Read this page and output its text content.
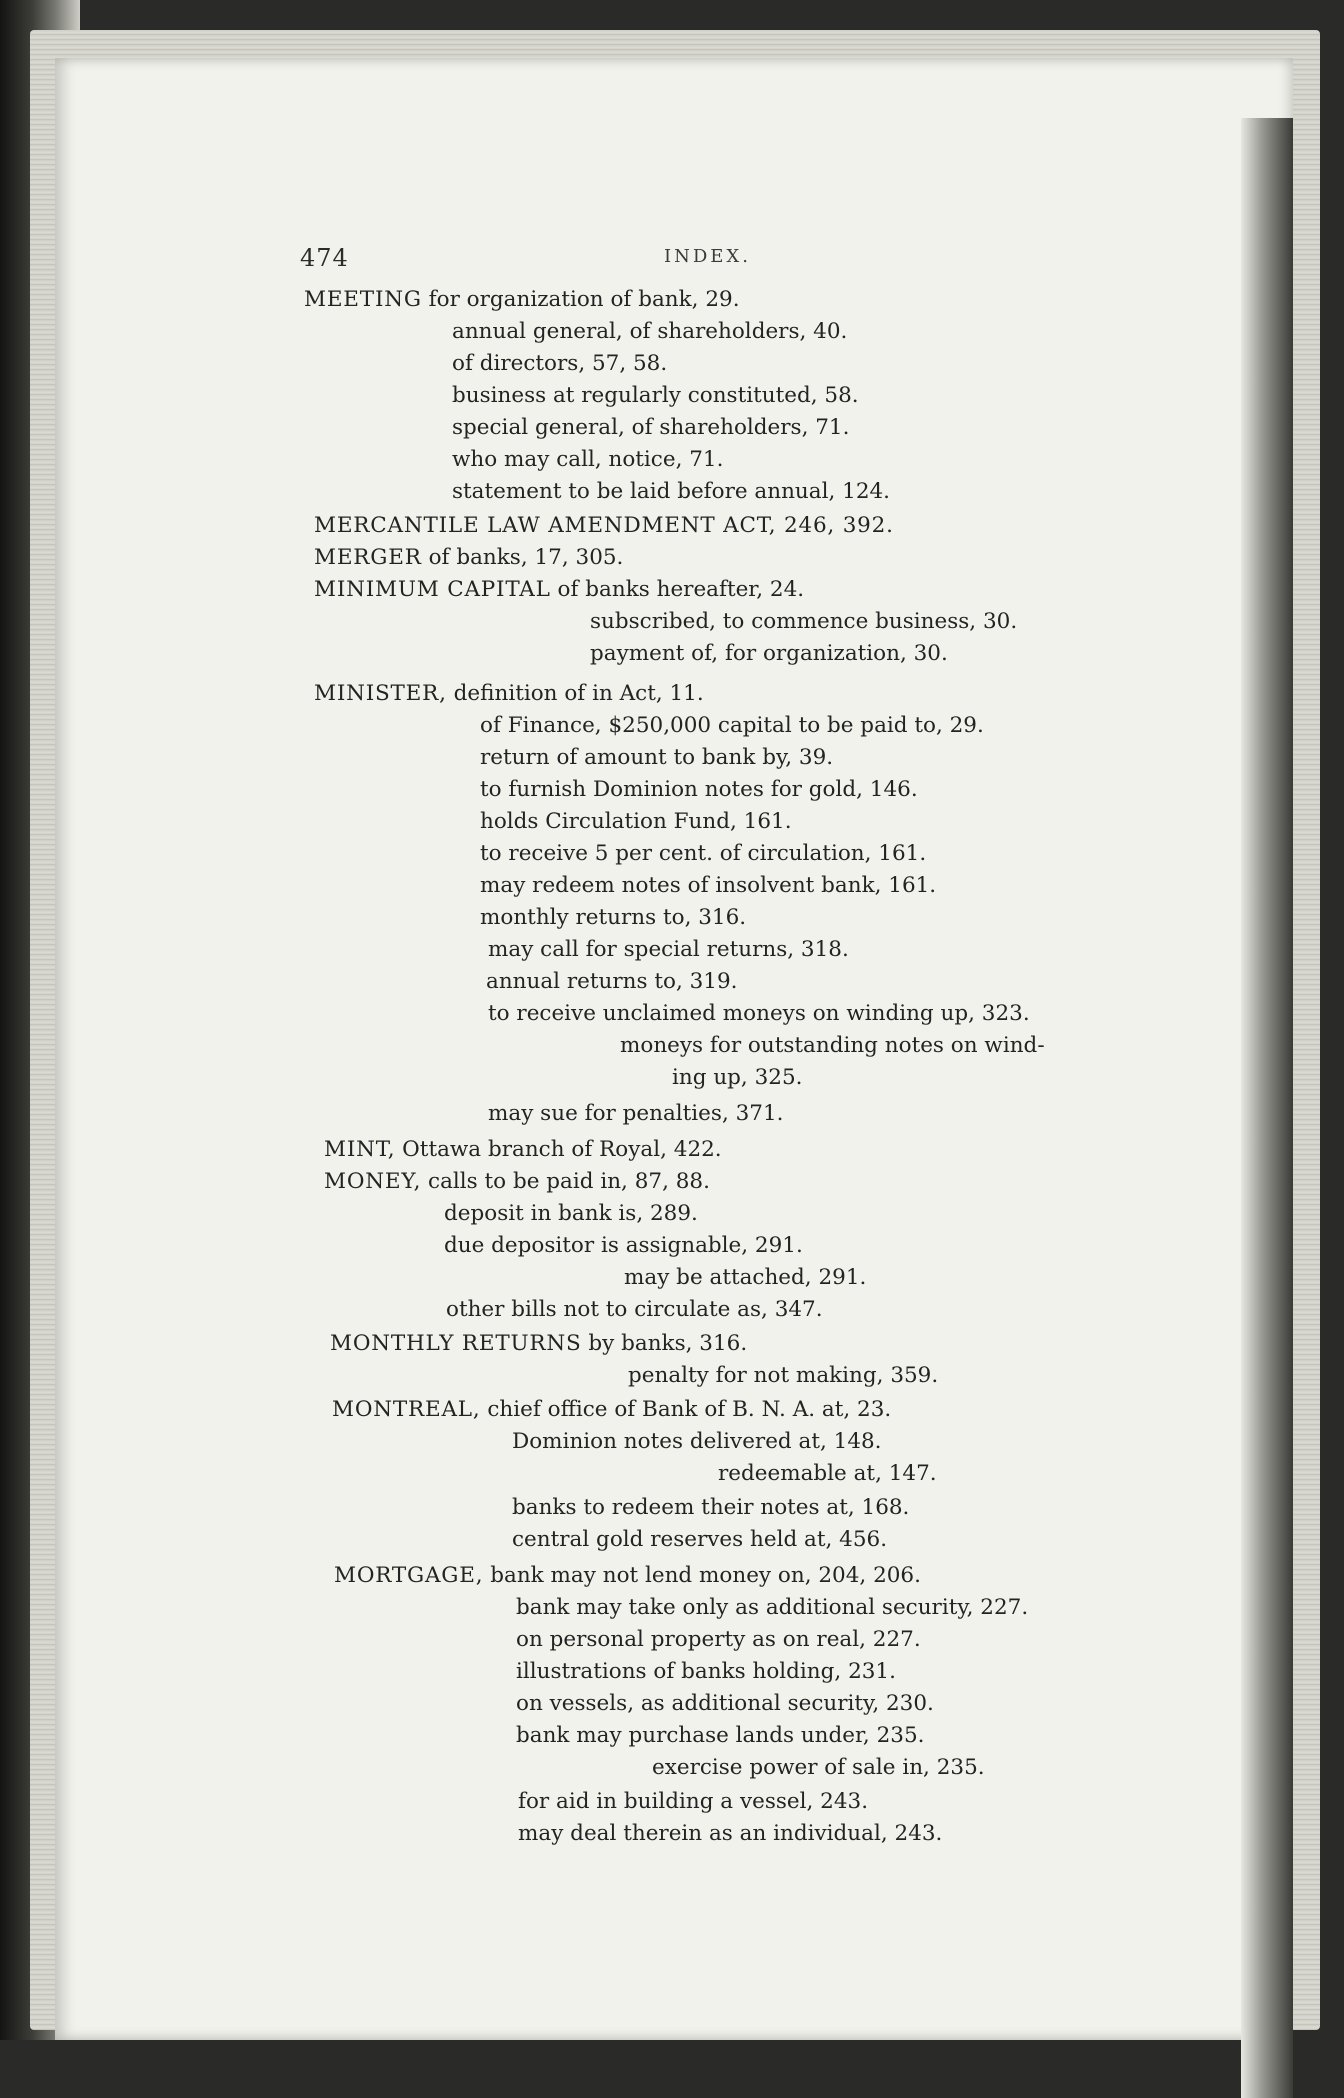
474	INDEX.
MEETING for organization of bank, 29.
annual general, of shareholders, 40.
of directors, 57, 58.
business at regularly constituted, 58.
special general, of shareholders, 71.
who may call, notice, 71.
statement to be laid before annual, 124.
MERCANTILE LAW AMENDMENT ACT, 246, 392.
MERGER of banks, 17, 305.
MINIMUM CAPITAL of banks hereafter, 24.
subscribed, to commence business, 30.
payment of, for organization, 30.
MINISTER, definition of in Act, 11.
of Finance, $250,000 capital to be paid to, 29.
return of amount to bank by, 39.
to furnish Dominion notes for gold, 146.
holds Circulation Fund, 161.
to receive 5 per cent. of circulation, 161.
may redeem notes of insolvent bank, 161.
monthly returns to, 316.
may call for special returns, 318.
annual returns to, 319.
to receive unclaimed moneys on winding up, 323.
moneys for outstanding notes on wind-
ing up, 325.
may sue for penalties, 371.
MINT, Ottawa branch of Royal, 422.
MONEY, calls to be paid in, 87, 88.
deposit in bank is, 289.
due depositor is assignable, 291.
may be attached, 291.
other bills not to circulate as, 347.
MONTHLY RETURNS by banks, 316.
penalty for not making, 359.
MONTREAL, chief office of Bank of B. N. A. at, 23.
Dominion notes delivered at, 148.
redeemable at, 147.
banks to redeem their notes at, 168.
central gold reserves held at, 456.
MORTGAGE, bank may not lend money on, 204, 206.
bank may take only as additional security, 227.
on personal property as on real, 227.
illustrations of banks holding, 231.
on vessels, as additional security, 230.
bank may purchase lands under, 235.
exercise power of sale in, 235.
for aid in building a vessel, 243.
may deal therein as an individual, 243.
